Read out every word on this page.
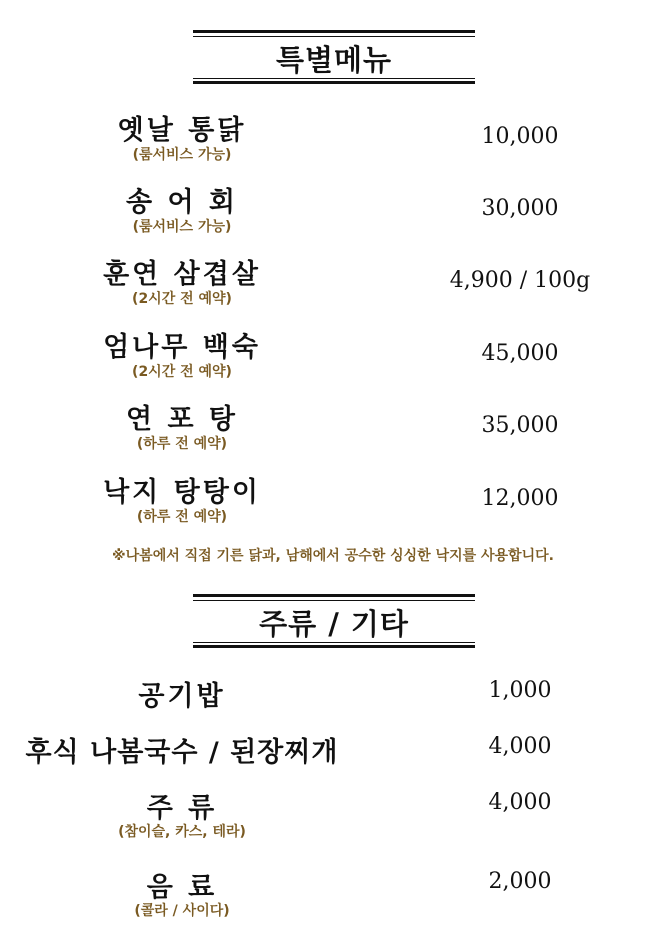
특별메뉴
옛날 통닭
(룸서비스 가능)
10,000
송 어 회
(룸서비스 가능)
30,000
훈연 삼겹살
(2시간 전 예약)
4,900 / 100g
엄나무 백숙
(2시간 전 예약)
45,000
연 포 탕
(하루 전 예약)
35,000
낙지 탕탕이
(하루 전 예약)
12,000
※나봄에서 직접 기른 닭과, 남해에서 공수한 싱싱한 낙지를 사용합니다.
주류 / 기타
공기밥	1,000
후식 나봄국수 / 된장찌개	4,000
주 류
(참이슬, 카스, 테라)
4,000
음 료
(콜라 / 사이다)
2,000
